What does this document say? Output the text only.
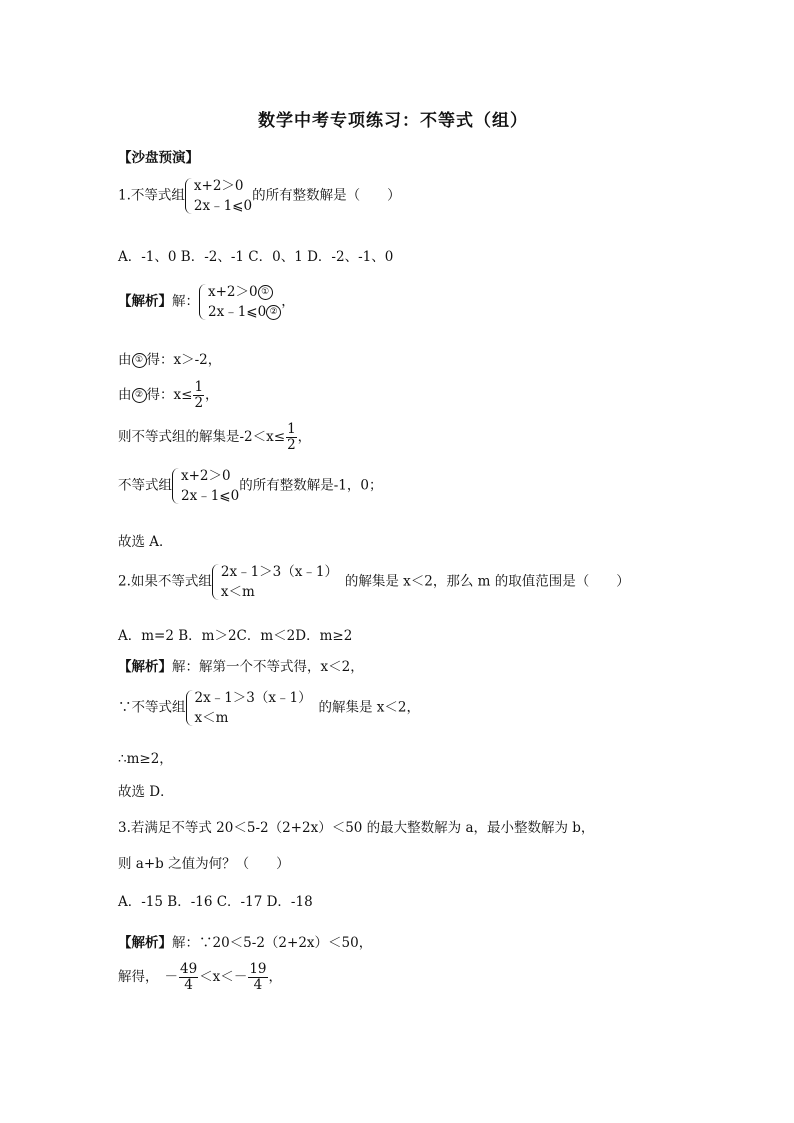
数学中考专项练习：不等式（组）
【沙盘预演】
1.不等式组
x+2＞0
2x﹣1⩽0
的所有整数解是（　　）
A．-1、0 B．-2、-1 C．0、1 D．-2、-1、0
【解析】解：
x+2＞0 ①
2x﹣1⩽0 ②
，
由 ① 得：x＞-2，
由 ② 得：$x\le \frac{1}{2}$ ，
则不等式组的解集是$-2<x\le \frac{1}{2}$ ，
不等式组
x+2＞0
2x﹣1⩽0
的所有整数解是-1，0；
故选 A．
2.如果不等式组
2x﹣1＞3（x﹣1）
x＜m
的解集是 x＜2，那么 m 的取值范围是（　　）
A．m=2 B．m＞2C．m＜2D．m≥2
【解析】解：解第一个不等式得，x＜2，
∵不等式组
2x﹣1＞3（x﹣1）
x＜m
的解集是 x＜2，
∴m≥2，
故选 D．
3.若满足不等式 20＜5-2（2+2x）＜50 的最大整数解为 a，最小整数解为 b，
则 a+b 之值为何？（　　）
A．-15 B．-16 C．-17 D．-18
【解析】解：∵20＜5-2（2+2x）＜50，
解得， － $\frac{49}{4} <x<- \frac{19}{4}$ ，
